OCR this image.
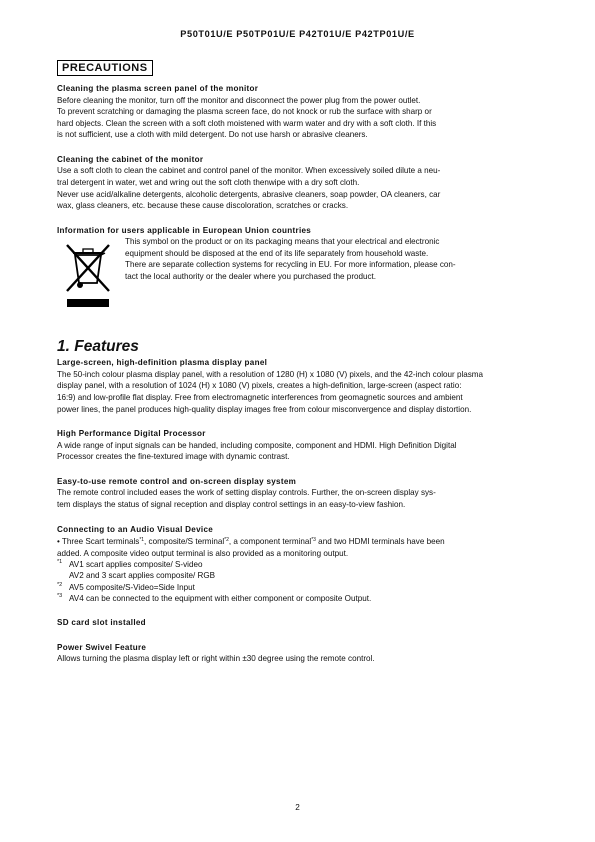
P50T01U/E P50TP01U/E P42T01U/E P42TP01U/E
PRECAUTIONS

Cleaning the plasma screen panel of the monitor

Before cleaning the monitor, turn off the monitor and disconnect the power plug from the power outlet.

To prevent scratching or damaging the plasma screen face, do not knock or rub the surface with sharp or

hard objects. Clean the screen with a soft cloth moistened with warm water and dry with a soft cloth. If this

is not sufficient, use a cloth with mild detergent. Do not use harsh or abrasive cleaners.

Cleaning the cabinet of the monitor

Use a soft cloth to clean the cabinet and control panel of the monitor. When excessively soiled dilute a neu-

tral detergent in water, wet and wring out the soft cloth thenwipe with a dry soft cloth.

Never use acid/alkaline detergents, alcoholic detergents, abrasive cleaners, soap powder, OA cleaners, car

wax, glass cleaners, etc. because these cause discoloration, scratches or cracks.

Information for users applicable in European Union countries

This symbol on the product or on its packaging means that your electrical and electronic

equipment should be disposed at the end of its life separately from household waste.

There are separate collection systems for recycling in EU. For more information, please con-

tact the local authority or the dealer where you purchased the product.

1. Features

Large-screen, high-definition plasma display panel

The 50-inch colour plasma display panel, with a resolution of 1280 (H) x 1080 (V) pixels, and the 42-inch colour plasma

display panel, with a resolution of 1024 (H) x 1080 (V) pixels, creates a high-definition, large-screen (aspect ratio:

16:9) and low-profile flat display. Free from electromagnetic interferences from geomagnetic sources and ambient

power lines, the panel produces high-quality display images free from colour misconvergence and display distortion.

High Performance Digital Processor

A wide range of input signals can be handed, including composite, component and HDMI. High Definition Digital

Processor creates the fine-textured image with dynamic contrast.

Easy-to-use remote control and on-screen display system

The remote control included eases the work of setting display controls. Further, the on-screen display sys-

tem displays the status of signal reception and display control settings in an easy-to-view fashion.

Connecting to an Audio Visual Device

• Three Scart terminals$^{*1}$, composite/S terminal$^{*2}$, a component terminal$^{*3}$ and two HDMI terminals have been

added. A composite video output terminal is also provided as a monitoring output.

*1 AV1 scart applies composite/ S-video
AV2 and 3 scart applies composite/ RGB
*2 AV5 composite/S-Video=Side Input
*3 AV4 can be connected to the equipment with either component or composite Output.

SD card slot installed

Power Swivel Feature

Allows turning the plasma display left or right within ±30 degree using the remote control.

2
